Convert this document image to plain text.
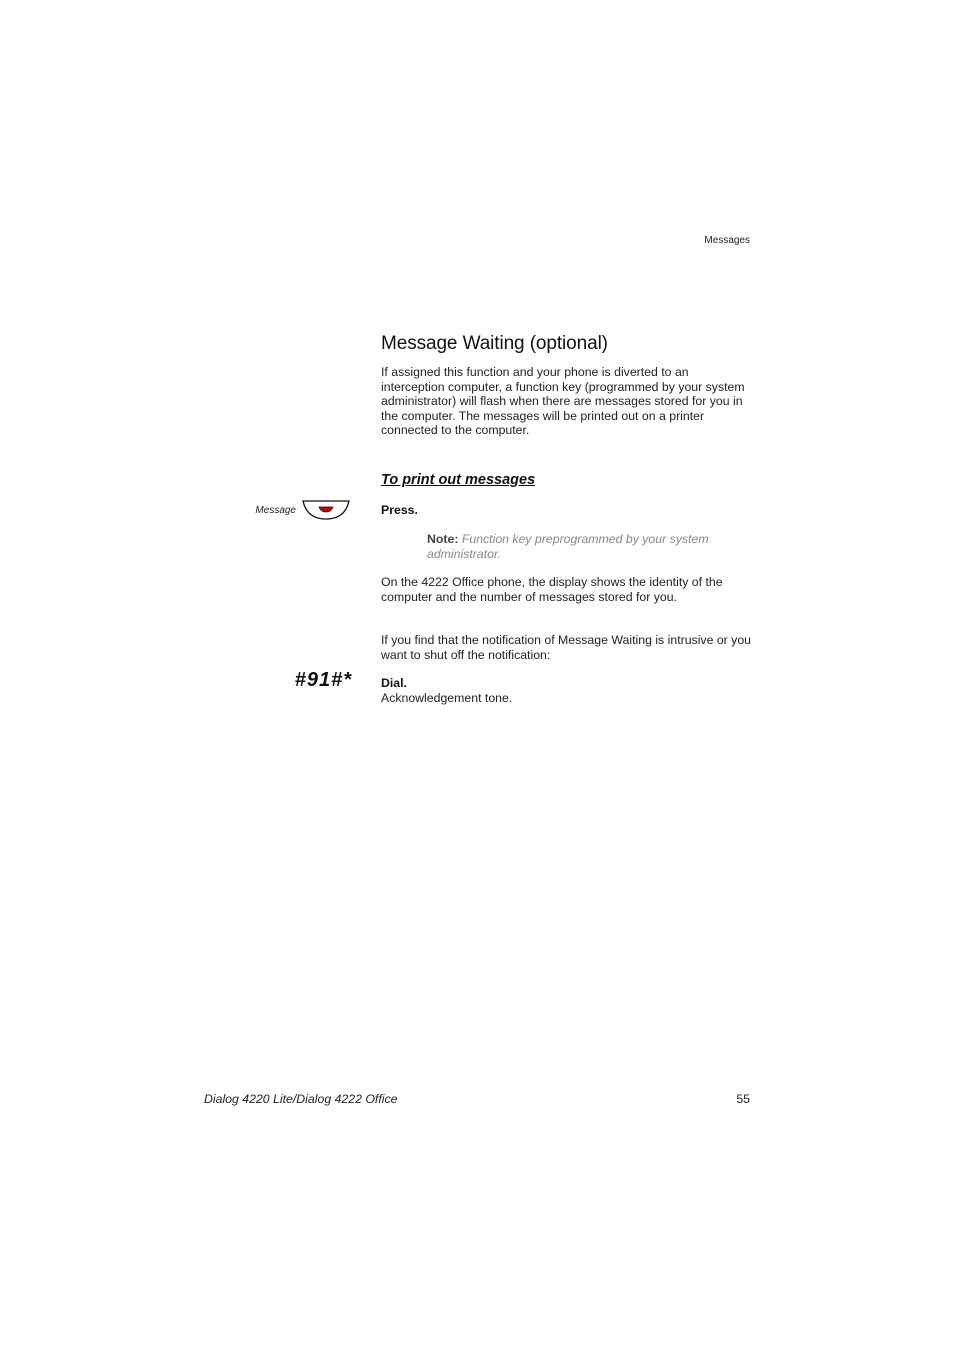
Messages
Message Waiting (optional)

If assigned this function and your phone is diverted to an interception computer, a function key (programmed by your system administrator) will flash when there are messages stored for you in the computer. The messages will be printed out on a printer connected to the computer.

To print out messages
Message	Press.

Note: Function key preprogrammed by your system administrator.

On the 4222 Office phone, the display shows the identity of the computer and the number of messages stored for you.

If you find that the notification of Message Waiting is intrusive or you want to shut off the notification:

#91#* Dial.
Acknowledgement tone.
Dialog 4220 Lite/Dialog 4222 Office	55
